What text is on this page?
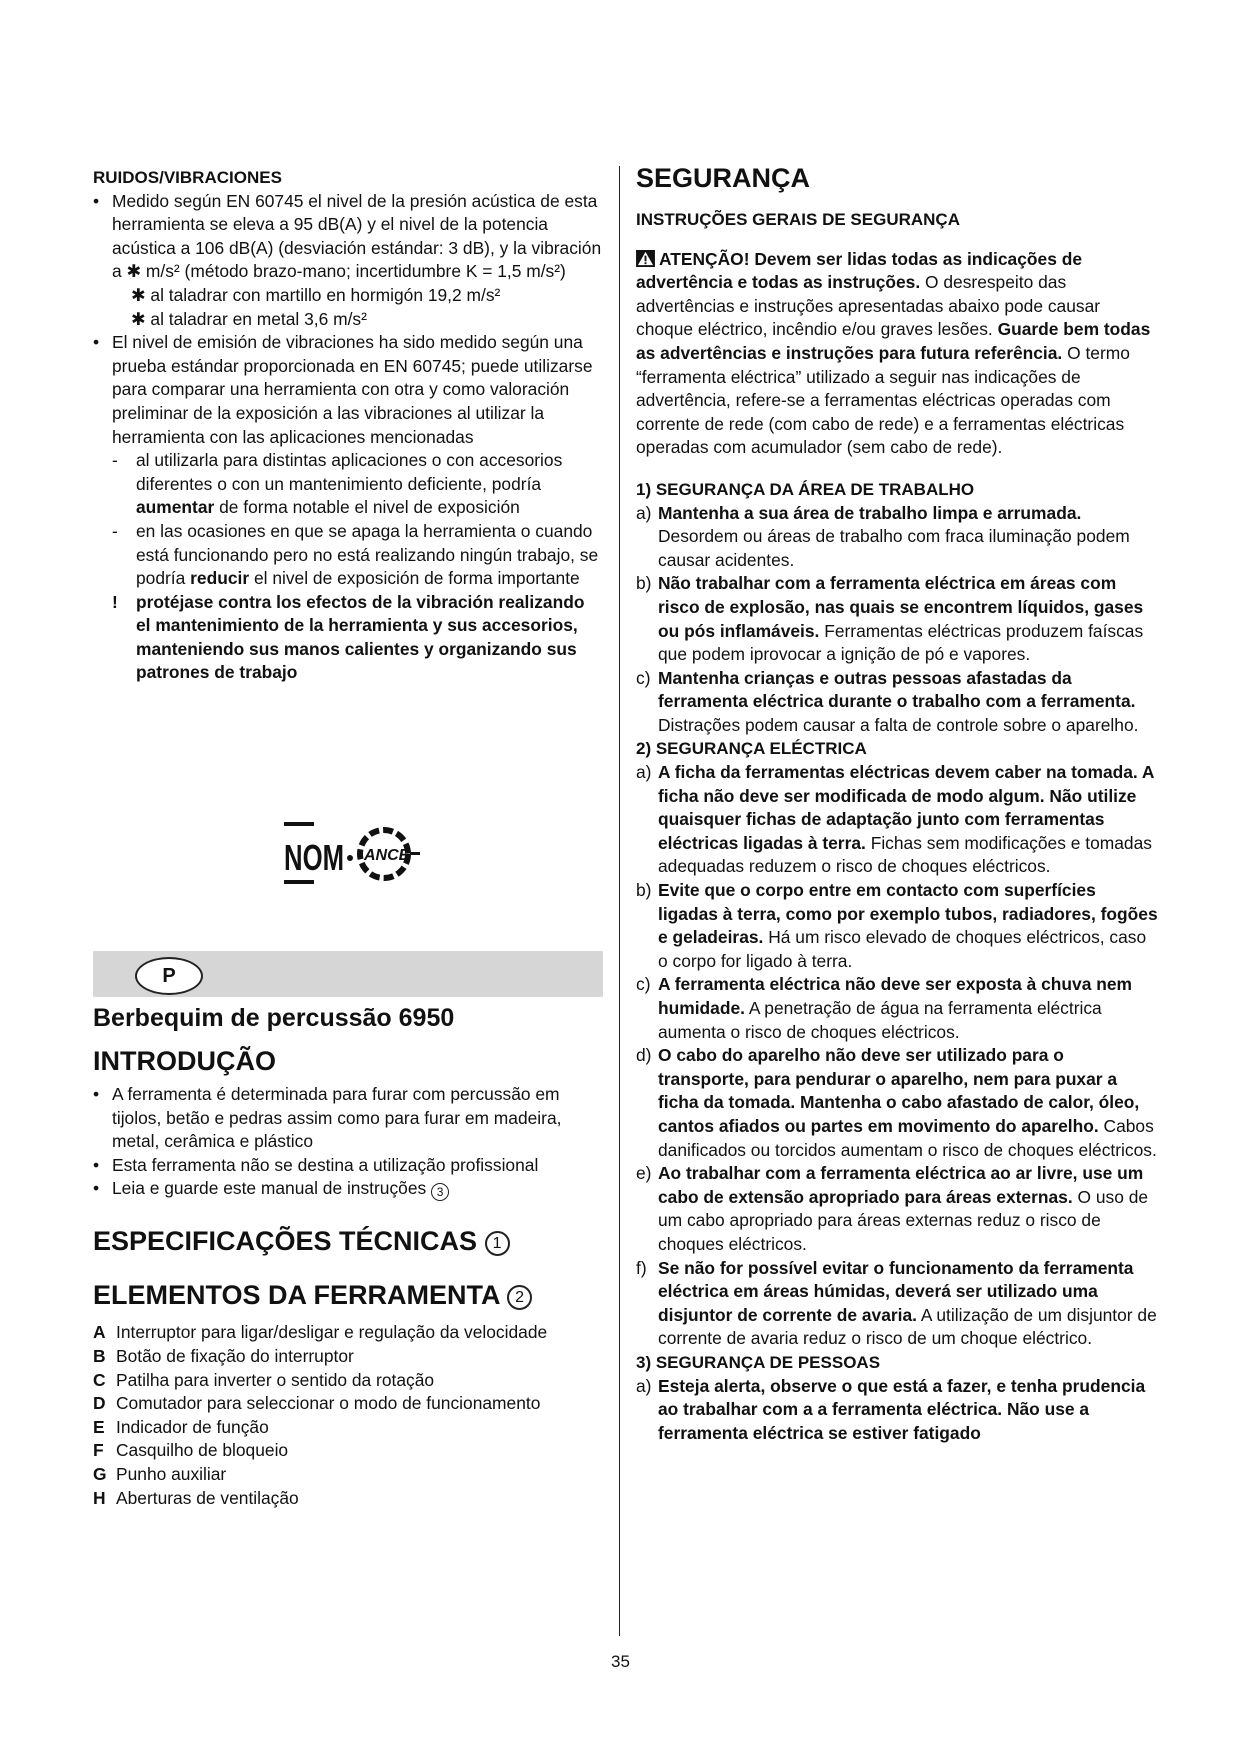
RUIDOS/VIBRACIONES

• Medido según EN 60745 el nivel de la presión acústica de esta herramienta se eleva a 95 dB(A) y el nivel de la potencia acústica a 106 dB(A) (desviación estándar: 3 dB), y la vibración a ✱ m/s² (método brazo-mano; incertidumbre K = 1,5 m/s²)
✱ al taladrar con martillo en hormigón 19,2 m/s²
✱ al taladrar en metal 3,6 m/s²
• El nivel de emisión de vibraciones ha sido medido según una prueba estándar proporcionada en EN 60745; puede utilizarse para comparar una herramienta con otra y como valoración preliminar de la exposición a las vibraciones al utilizar la herramienta con las aplicaciones mencionadas
- al utilizarla para distintas aplicaciones o con accesorios diferentes o con un mantenimiento deficiente, podría aumentar de forma notable el nivel de exposición
- en las ocasiones en que se apaga la herramienta o cuando está funcionando pero no está realizando ningún trabajo, se podría reducir el nivel de exposición de forma importante
! protéjase contra los efectos de la vibración realizando el mantenimiento de la herramienta y sus accesorios, manteniendo sus manos calientes y organizando sus patrones de trabajo
NOM ANCE
P

Berbequim de percussão 6950

INTRODUÇÃO

• A ferramenta é determinada para furar com percussão em tijolos, betão e pedras assim como para furar em madeira, metal, cerâmica e plástico
• Esta ferramenta não se destina a utilização profissional
• Leia e guarde este manual de instruções 3

ESPECIFICAÇÕES TÉCNICAS 1

ELEMENTOS DA FERRAMENTA 2

A Interruptor para ligar/desligar e regulação da velocidade
B Botão de fixação do interruptor
C Patilha para inverter o sentido da rotação
D Comutador para seleccionar o modo de funcionamento
E Indicador de função
F Casquilho de bloqueio
G Punho auxiliar
H Aberturas de ventilação

SEGURANÇA

INSTRUÇÕES GERAIS DE SEGURANÇA

ATENÇÃO! Devem ser lidas todas as indicações de advertência e todas as instruções. O desrespeito das advertências e instruções apresentadas abaixo pode causar choque eléctrico, incêndio e/ou graves lesões. Guarde bem todas as advertências e instruções para futura referência. O termo “ferramenta eléctrica” utilizado a seguir nas indicações de advertência, refere-se a ferramentas eléctricas operadas com corrente de rede (com cabo de rede) e a ferramentas eléctricas operadas com acumulador (sem cabo de rede).

1) SEGURANÇA DA ÁREA DE TRABALHO

a) Mantenha a sua área de trabalho limpa e arrumada. Desordem ou áreas de trabalho com fraca iluminação podem causar acidentes.
b) Não trabalhar com a ferramenta eléctrica em áreas com risco de explosão, nas quais se encontrem líquidos, gases ou pós inflamáveis. Ferramentas eléctricas produzem faíscas que podem iprovocar a ignição de pó e vapores.
c) Mantenha crianças e outras pessoas afastadas da ferramenta eléctrica durante o trabalho com a ferramenta. Distrações podem causar a falta de controle sobre o aparelho.

2) SEGURANÇA ELÉCTRICA

a) A ficha da ferramentas eléctricas devem caber na tomada. A ficha não deve ser modificada de modo algum. Não utilize quaisquer fichas de adaptação junto com ferramentas eléctricas ligadas à terra. Fichas sem modificações e tomadas adequadas reduzem o risco de choques eléctricos.
b) Evite que o corpo entre em contacto com superfícies ligadas à terra, como por exemplo tubos, radiadores, fogões e geladeiras. Há um risco elevado de choques eléctricos, caso o corpo for ligado à terra.
c) A ferramenta eléctrica não deve ser exposta à chuva nem humidade. A penetração de água na ferramenta eléctrica aumenta o risco de choques eléctricos.
d) O cabo do aparelho não deve ser utilizado para o transporte, para pendurar o aparelho, nem para puxar a ficha da tomada. Mantenha o cabo afastado de calor, óleo, cantos afiados ou partes em movimento do aparelho. Cabos danificados ou torcidos aumentam o risco de choques eléctricos.
e) Ao trabalhar com a ferramenta eléctrica ao ar livre, use um cabo de extensão apropriado para áreas externas. O uso de um cabo apropriado para áreas externas reduz o risco de choques eléctricos.
f) Se não for possível evitar o funcionamento da ferramenta eléctrica em áreas húmidas, deverá ser utilizado uma disjuntor de corrente de avaria. A utilização de um disjuntor de corrente de avaria reduz o risco de um choque eléctrico.

3) SEGURANÇA DE PESSOAS

a) Esteja alerta, observe o que está a fazer, e tenha prudencia ao trabalhar com a a ferramenta eléctrica. Não use a ferramenta eléctrica se estiver fatigado
35
